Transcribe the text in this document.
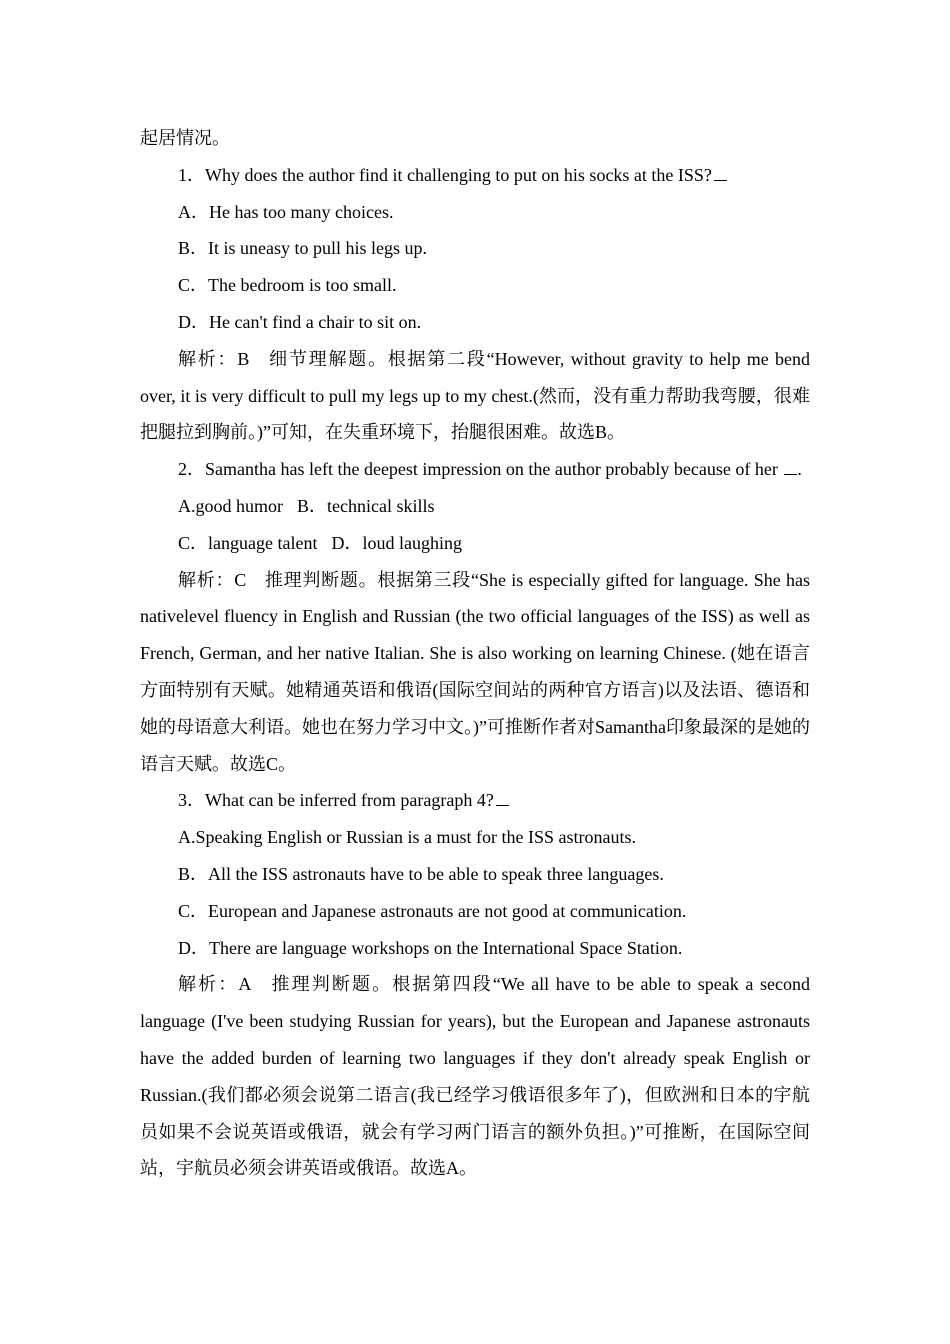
起居情况。

1．Why does the author find it challenging to put on his socks at the ISS?

A．He has too many choices.

B．It is uneasy to pull his legs up.

C．The bedroom is too small.

D．He can't find a chair to sit on.

解析：B 细节理解题。根据第二段“However, without gravity to help me bend over, it is very difficult to pull my legs up to my chest.(然而，没有重力帮助我弯腰，很难把腿拉到胸前。)”可知，在失重环境下，抬腿很困难。故选B。

2．Samantha has left the deepest impression on the author probably because of her .

A.good humor B．technical skills

C．language talent D．loud laughing

解析：C 推理判断题。根据第三段“She is especially gifted for language. She has nativelevel fluency in English and Russian (the two official languages of the ISS) as well as French, German, and her native Italian. She is also working on learning Chinese. (她在语言方面特别有天赋。她精通英语和俄语(国际空间站的两种官方语言)以及法语、德语和她的母语意大利语。她也在努力学习中文。)”可推断作者对Samantha印象最深的是她的语言天赋。故选C。

3．What can be inferred from paragraph 4?

A.Speaking English or Russian is a must for the ISS astronauts.

B．All the ISS astronauts have to be able to speak three languages.

C．European and Japanese astronauts are not good at communication.

D．There are language workshops on the International Space Station.

解析：A 推理判断题。根据第四段“We all have to be able to speak a second language (I've been studying Russian for years), but the European and Japanese astronauts have the added burden of learning two languages if they don't already speak English or Russian.(我们都必须会说第二语言(我已经学习俄语很多年了)，但欧洲和日本的宇航员如果不会说英语或俄语，就会有学习两门语言的额外负担。)”可推断，在国际空间站，宇航员必须会讲英语或俄语。故选A。
